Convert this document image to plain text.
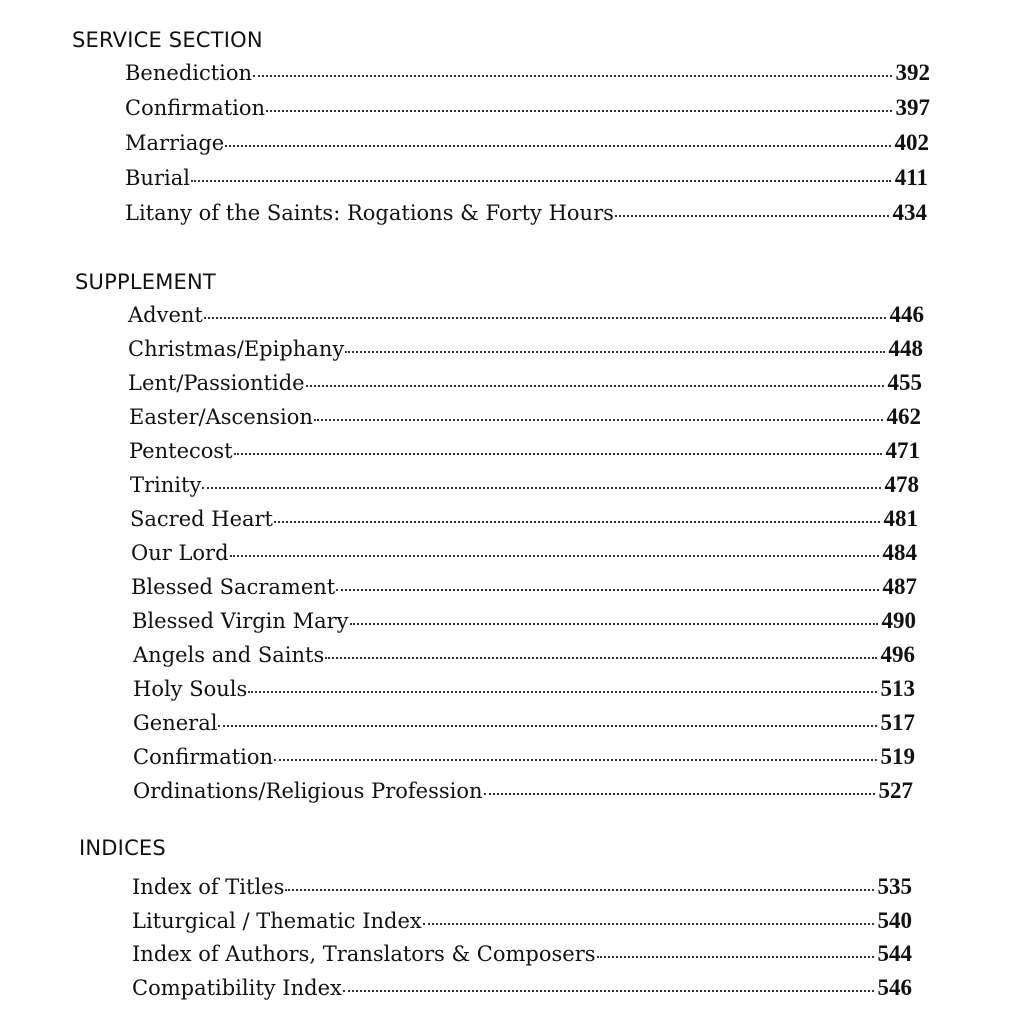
SERVICE SECTION
Benediction	392
Confirmation	397
Marriage	402
Burial	411
Litany of the Saints: Rogations & Forty Hours	434
SUPPLEMENT
Advent	446
Christmas/Epiphany	448
Lent/Passiontide	455
Easter/Ascension	462
Pentecost	471
Trinity	478
Sacred Heart	481
Our Lord	484
Blessed Sacrament	487
Blessed Virgin Mary	490
Angels and Saints	496
Holy Souls	513
General	517
Confirmation	519
Ordinations/Religious Profession	527
INDICES
Index of Titles	535
Liturgical / Thematic Index	540
Index of Authors, Translators & Composers	544
Compatibility Index	546
